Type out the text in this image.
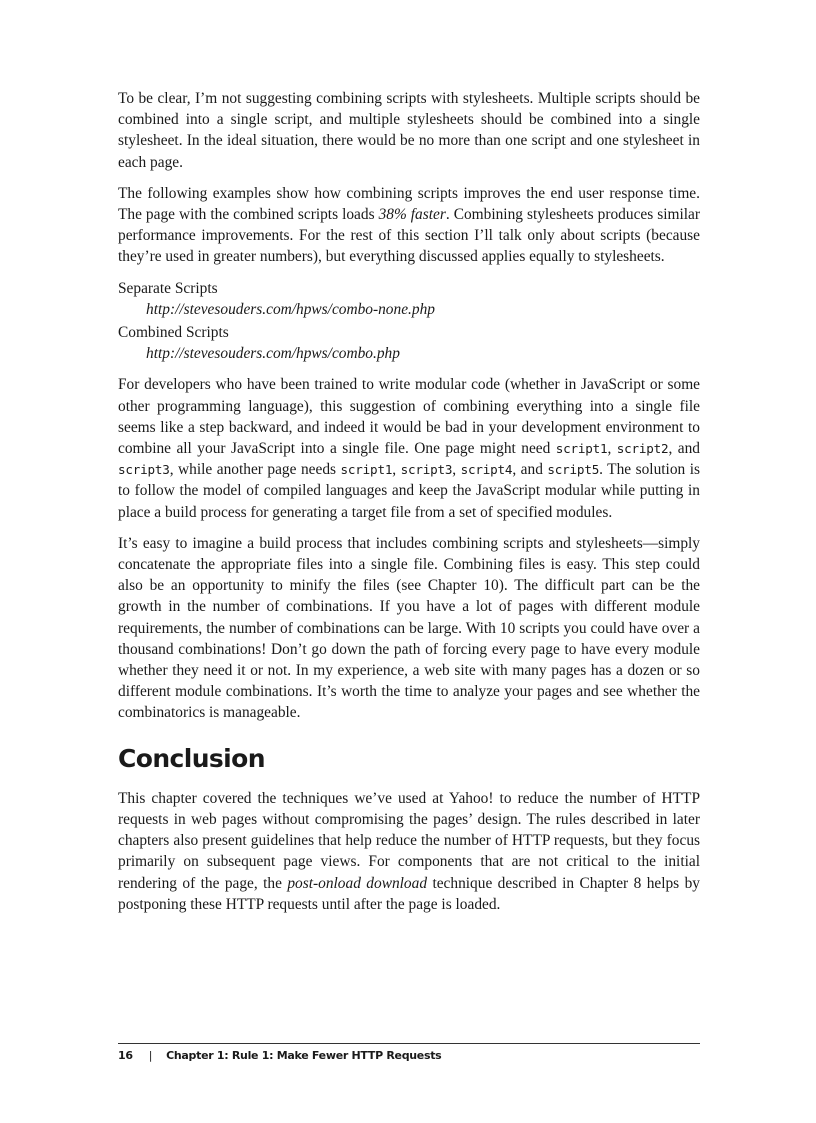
To be clear, I’m not suggesting combining scripts with stylesheets. Multiple scripts should be combined into a single script, and multiple stylesheets should be combined into a single stylesheet. In the ideal situation, there would be no more than one script and one stylesheet in each page.

The following examples show how combining scripts improves the end user response time. The page with the combined scripts loads 38% faster. Combining stylesheets produces similar performance improvements. For the rest of this section I’ll talk only about scripts (because they’re used in greater numbers), but everything discussed applies equally to stylesheets.

Separate Scripts
http://stevesouders.com/hpws/combo-none.php
Combined Scripts
http://stevesouders.com/hpws/combo.php

For developers who have been trained to write modular code (whether in JavaScript or some other programming language), this suggestion of combining everything into a single file seems like a step backward, and indeed it would be bad in your development environment to combine all your JavaScript into a single file. One page might need script1, script2, and script3, while another page needs script1, script3, script4, and script5. The solution is to follow the model of compiled languages and keep the JavaScript modular while putting in place a build process for generating a target file from a set of specified modules.

It’s easy to imagine a build process that includes combining scripts and stylesheets—simply concatenate the appropriate files into a single file. Combining files is easy. This step could also be an opportunity to minify the files (see Chapter 10). The difficult part can be the growth in the number of combinations. If you have a lot of pages with different module requirements, the number of combinations can be large. With 10 scripts you could have over a thousand combinations! Don’t go down the path of forcing every page to have every module whether they need it or not. In my experience, a web site with many pages has a dozen or so different module combinations. It’s worth the time to analyze your pages and see whether the combinatorics is manageable.

Conclusion

This chapter covered the techniques we’ve used at Yahoo! to reduce the number of HTTP requests in web pages without compromising the pages’ design. The rules described in later chapters also present guidelines that help reduce the number of HTTP requests, but they focus primarily on subsequent page views. For components that are not critical to the initial rendering of the page, the post-onload download technique described in Chapter 8 helps by postponing these HTTP requests until after the page is loaded.

16 | Chapter 1: Rule 1: Make Fewer HTTP Requests
